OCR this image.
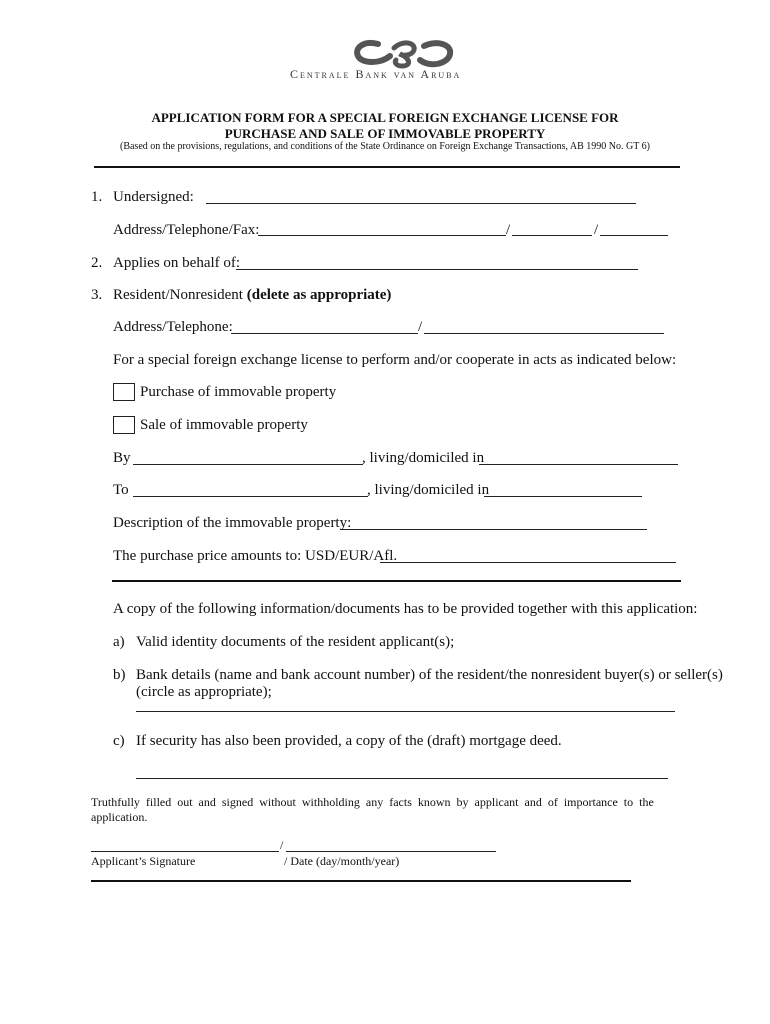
Centrale Bank van Aruba
APPLICATION FORM FOR A SPECIAL FOREIGN EXCHANGE LICENSE FOR
PURCHASE AND SALE OF IMMOVABLE PROPERTY
(Based on the provisions, regulations, and conditions of the State Ordinance on Foreign Exchange Transactions, AB 1990 No. GT 6)
1. Undersigned:
Address/Telephone/Fax:	/	/
2. Applies on behalf of:
3. Resident/Nonresident (delete as appropriate)
Address/Telephone:	/
For a special foreign exchange license to perform and/or cooperate in acts as indicated below:
Purchase of immovable property
Sale of immovable property
By	, living/domiciled in
To	, living/domiciled in
Description of the immovable property:
The purchase price amounts to: USD/EUR/Afl.
A copy of the following information/documents has to be provided together with this application:
a) Valid identity documents of the resident applicant(s);
b) Bank details (name and bank account number) of the resident/the nonresident buyer(s) or seller(s)
(circle as appropriate);
c) If security has also been provided, a copy of the (draft) mortgage deed.
Truthfully  filled  out  and  signed  without  withholding  any  facts  known  by  applicant  and  of  importance  to  the
application.
/
Applicant’s Signature	/ Date (day/month/year)
